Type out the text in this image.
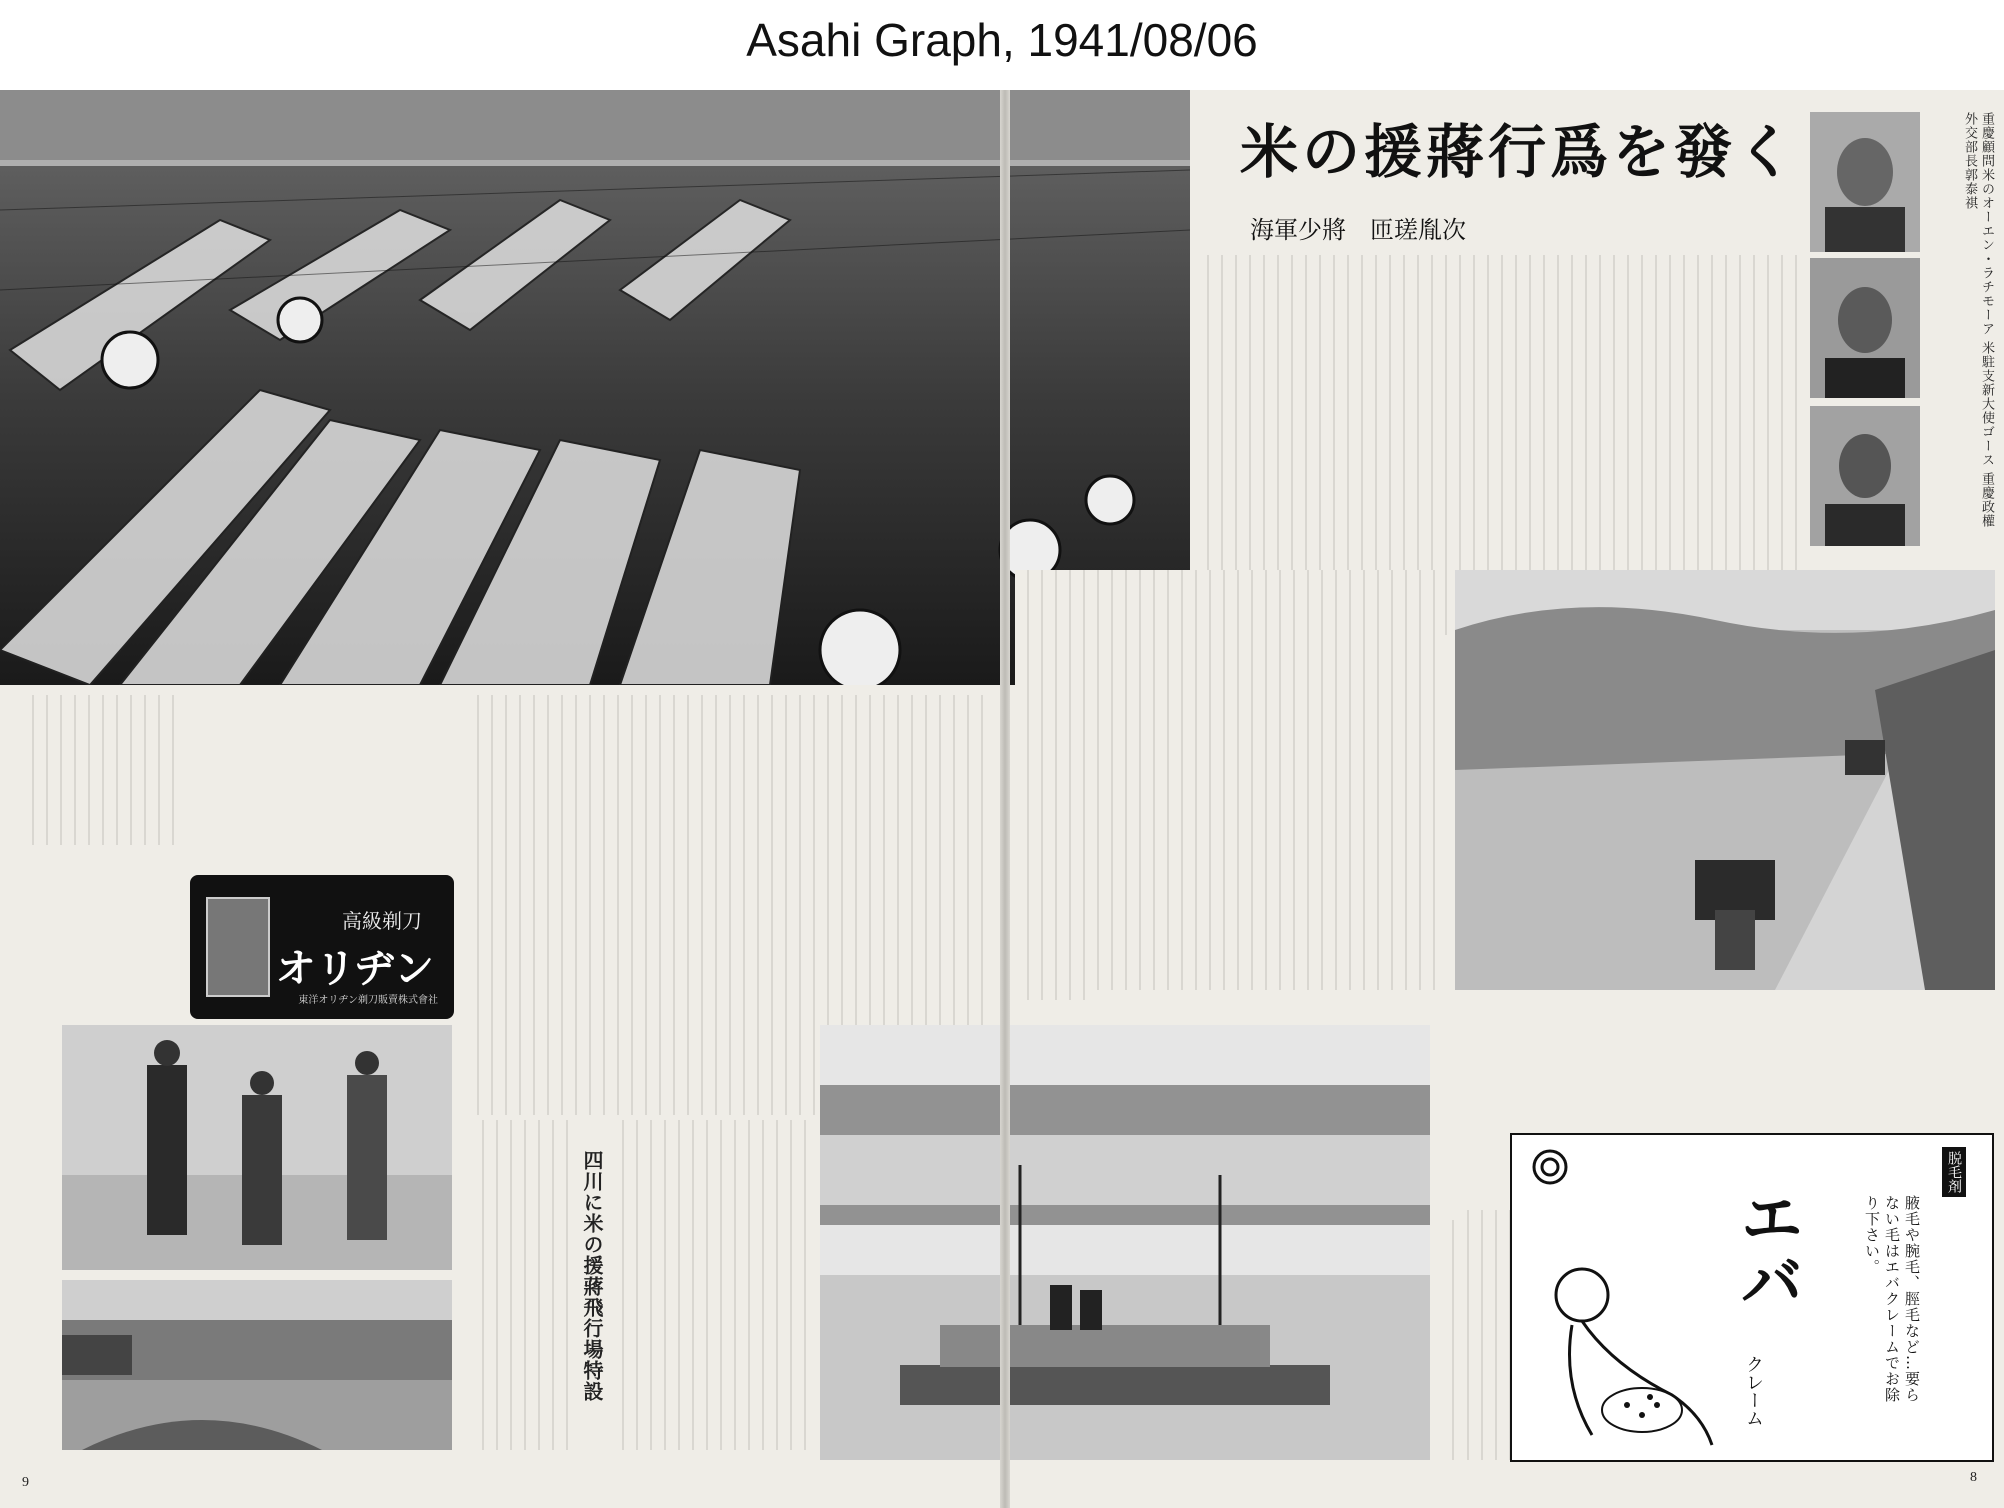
Asahi Graph, 1941/08/06
米の援蔣行爲を發く
海軍少將　匝瑳胤次	重慶顧問米のオーエン・ラチモーア 米駐支新大使ゴース 重慶政權外交部長郭泰祺
高級剃刀
オリヂン
東洋オリヂン剃刀販賣株式會社
四川に米の援蔣飛行場特設	腋毛や腕毛、脛毛など…要らない毛はエバクレームでお除り下さい。
エバ
クレーム
脱毛剤
9	8
